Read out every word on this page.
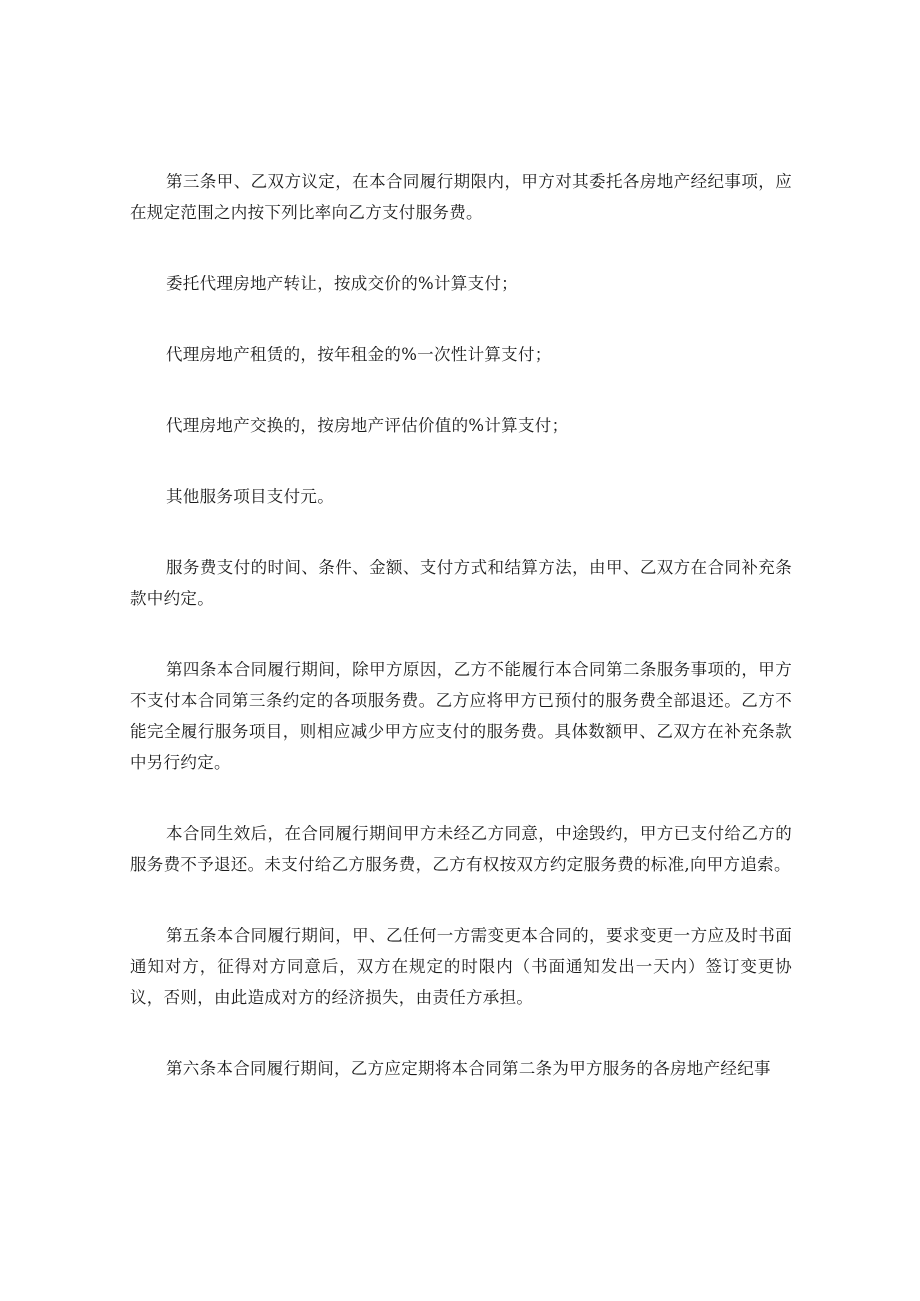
第三条甲、乙双方议定，在本合同履行期限内，甲方对其委托各房地产经纪事项，应在规定范围之内按下列比率向乙方支付服务费。

委托代理房地产转让，按成交价的%计算支付；

代理房地产租赁的，按年租金的%一次性计算支付；

代理房地产交换的，按房地产评估价值的%计算支付；

其他服务项目支付元。

服务费支付的时间、条件、金额、支付方式和结算方法，由甲、乙双方在合同补充条款中约定。

第四条本合同履行期间，除甲方原因，乙方不能履行本合同第二条服务事项的，甲方不支付本合同第三条约定的各项服务费。乙方应将甲方已预付的服务费全部退还。乙方不能完全履行服务项目，则相应减少甲方应支付的服务费。具体数额甲、乙双方在补充条款中另行约定。

本合同生效后，在合同履行期间甲方未经乙方同意，中途毁约，甲方已支付给乙方的服务费不予退还。未支付给乙方服务费，乙方有权按双方约定服务费的标准,向甲方追索。

第五条本合同履行期间，甲、乙任何一方需变更本合同的，要求变更一方应及时书面通知对方，征得对方同意后，双方在规定的时限内（书面通知发出一天内）签订变更协议，否则，由此造成对方的经济损失，由责任方承担。

第六条本合同履行期间，乙方应定期将本合同第二条为甲方服务的各房地产经纪事
